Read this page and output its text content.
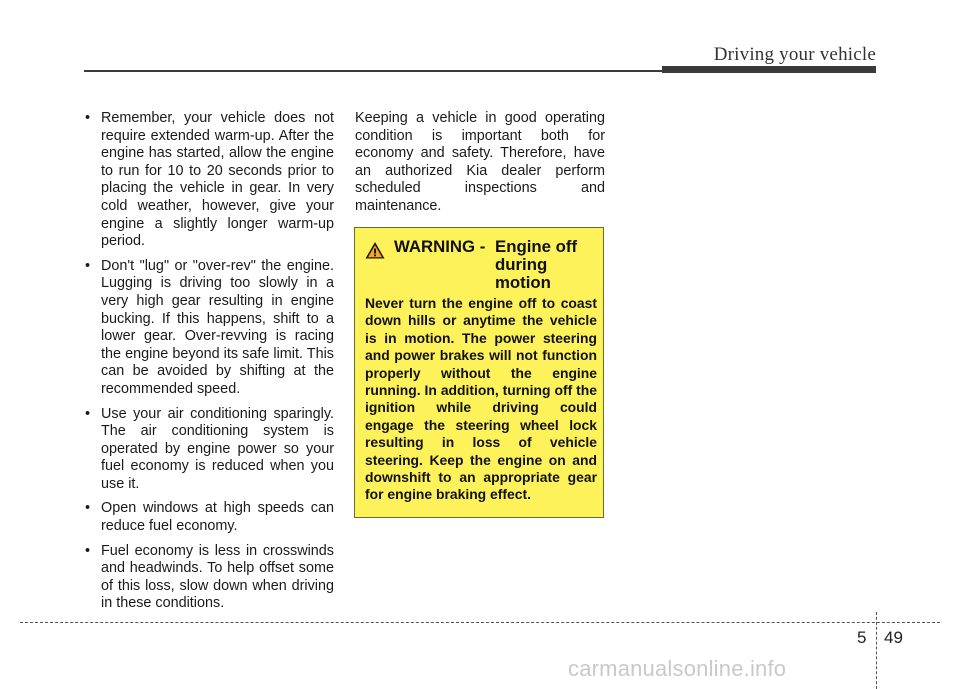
Driving your vehicle
• Remember, your vehicle does not require extended warm-up. After the engine has started, allow the engine to run for 10 to 20 seconds prior to placing the vehicle in gear. In very cold weather, however, give your engine a slightly longer warm-up period.
• Don't "lug" or "over-rev" the engine. Lugging is driving too slowly in a very high gear resulting in engine bucking. If this happens, shift to a lower gear. Over-revving is racing the engine beyond its safe limit. This can be avoided by shifting at the recommended speed.
• Use your air conditioning sparingly. The air conditioning system is operated by engine power so your fuel economy is reduced when you use it.
• Open windows at high speeds can reduce fuel economy.
• Fuel economy is less in crosswinds and headwinds. To help offset some of this loss, slow down when driving in these conditions.
Keeping a vehicle in good operating condition is important both for economy and safety. Therefore, have an authorized Kia dealer perform scheduled inspections and maintenance.
WARNING - Engine off during motion
Never turn the engine off to coast down hills or anytime the vehicle is in motion. The power steering and power brakes will not function properly without the engine running. In addition, turning off the ignition while driving could engage the steering wheel lock resulting in loss of vehicle steering. Keep the engine on and downshift to an appropriate gear for engine braking effect.
5 49
carmanualsonline.info
